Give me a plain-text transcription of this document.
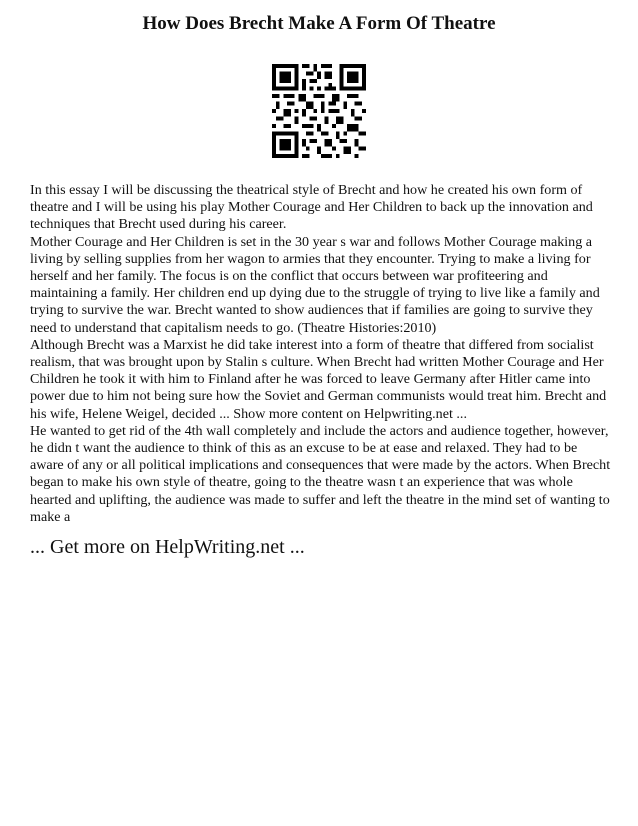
How Does Brecht Make A Form Of Theatre

In this essay I will be discussing the theatrical style of Brecht and how he created his own form of theatre and I will be using his play Mother Courage and Her Children to back up the innovation and techniques that Brecht used during his career.

Mother Courage and Her Children is set in the 30 year s war and follows Mother Courage making a living by selling supplies from her wagon to armies that they encounter. Trying to make a living for herself and her family. The focus is on the conflict that occurs between war profiteering and maintaining a family. Her children end up dying due to the struggle of trying to live like a family and trying to survive the war. Brecht wanted to show audiences that if families are going to survive they need to understand that capitalism needs to go. (Theatre Histories:2010)

Although Brecht was a Marxist he did take interest into a form of theatre that differed from socialist realism, that was brought upon by Stalin s culture. When Brecht had written Mother Courage and Her Children he took it with him to Finland after he was forced to leave Germany after Hitler came into power due to him not being sure how the Soviet and German communists would treat him. Brecht and his wife, Helene Weigel, decided ... Show more content on Helpwriting.net ...

He wanted to get rid of the 4th wall completely and include the actors and audience together, however, he didn t want the audience to think of this as an excuse to be at ease and relaxed. They had to be aware of any or all political implications and consequences that were made by the actors. When Brecht began to make his own style of theatre, going to the theatre wasn t an experience that was whole hearted and uplifting, the audience was made to suffer and left the theatre in the mind set of wanting to make a

... Get more on HelpWriting.net ...
